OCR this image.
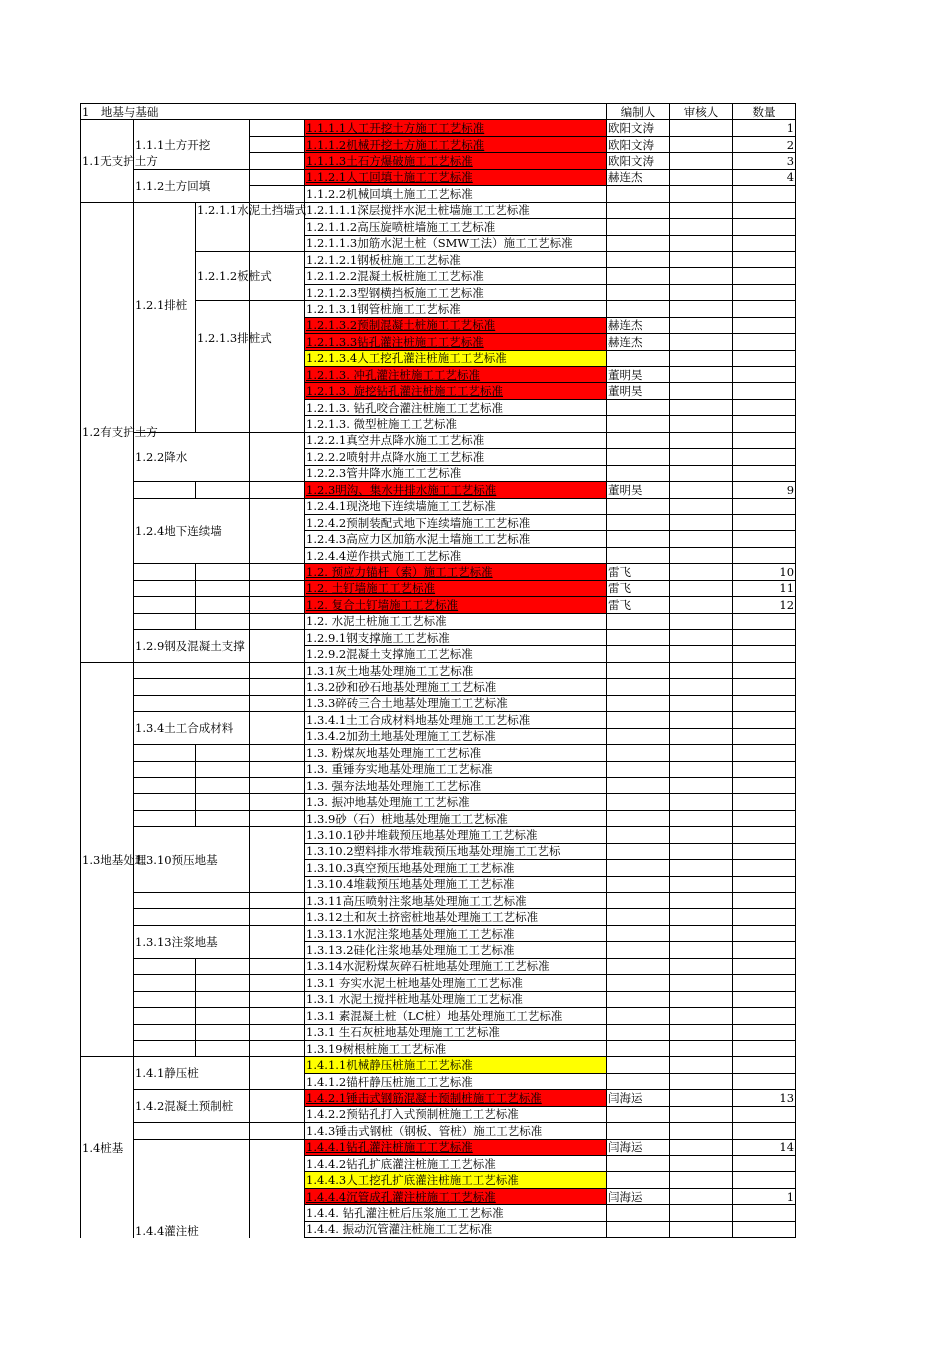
1　地基与基础					编制人	审核人	数量
1.1无支护土方	1.1.1土方开挖			1.1.1.1人工开挖土方施工工艺标准	欧阳文涛		1
				1.1.1.2机械开挖土方施工工艺标准	欧阳文涛		2
				1.1.1.3土石方爆破施工工艺标准	欧阳文涛		3
	1.1.2土方回填			1.1.2.1人工回填土施工工艺标准	赫连杰		4
				1.1.2.2机械回填土施工工艺标准			
1.2有支护土方	1.2.1排桩	1.2.1.1水泥土挡墙式		1.2.1.1.1深层搅拌水泥土桩墙施工工艺标准			
				1.2.1.1.2高压旋喷桩墙施工工艺标准			
				1.2.1.1.3加筋水泥土桩（SMW工法）施工工艺标准			
		1.2.1.2板桩式		1.2.1.2.1钢板桩施工工艺标准			
				1.2.1.2.2混凝土板桩施工工艺标准			
				1.2.1.2.3型钢横挡板施工工艺标准			
		1.2.1.3排桩式		1.2.1.3.1钢管桩施工工艺标准			
				1.2.1.3.2预制混凝土桩施工工艺标准	赫连杰		
				1.2.1.3.3钻孔灌注桩施工工艺标准	赫连杰		
				1.2.1.3.4人工挖孔灌注桩施工工艺标准			
				1.2.1.3. 冲孔灌注桩施工工艺标准	董明昊		
				1.2.1.3. 旋挖钻孔灌注桩施工工艺标准	董明昊		
				1.2.1.3. 钻孔咬合灌注桩施工工艺标准			
				1.2.1.3. 微型桩施工工艺标准			
	1.2.2降水			1.2.2.1真空井点降水施工工艺标准			
				1.2.2.2喷射井点降水施工工艺标准			
				1.2.2.3管井降水施工工艺标准			
				1.2.3明沟、集水井排水施工工艺标准	董明昊		9
	1.2.4地下连续墙			1.2.4.1现浇地下连续墙施工工艺标准			
				1.2.4.2预制装配式地下连续墙施工工艺标准			
				1.2.4.3高应力区加筋水泥土墙施工工艺标准			
				1.2.4.4逆作拱式施工工艺标准			
				1.2. 预应力锚杆（索）施工工艺标准	雷飞		10
				1.2. 土钉墙施工工艺标准	雷飞		11
				1.2. 复合土钉墙施工工艺标准	雷飞		12
				1.2. 水泥土桩施工工艺标准			
	1.2.9钢及混凝土支撑			1.2.9.1钢支撑施工工艺标准			
				1.2.9.2混凝土支撑施工工艺标准			
1.3地基处理				1.3.1灰土地基处理施工工艺标准			
				1.3.2砂和砂石地基处理施工工艺标准			
				1.3.3碎砖三合土地基处理施工工艺标准			
	1.3.4土工合成材料			1.3.4.1土工合成材料地基处理施工工艺标准			
				1.3.4.2加劲土地基处理施工工艺标准			
				1.3. 粉煤灰地基处理施工工艺标准			
				1.3. 重锤夯实地基处理施工工艺标准			
				1.3. 强夯法地基处理施工工艺标准			
				1.3. 振冲地基处理施工工艺标准			
				1.3.9砂（石）桩地基处理施工工艺标准			
	1.3.10预压地基			1.3.10.1砂井堆载预压地基处理施工工艺标准			
				1.3.10.2塑料排水带堆载预压地基处理施工工艺标			
				1.3.10.3真空预压地基处理施工工艺标准			
				1.3.10.4堆载预压地基处理施工工艺标准			
				1.3.11高压喷射注浆地基处理施工工艺标准			
				1.3.12土和灰土挤密桩地基处理施工工艺标准			
	1.3.13注浆地基			1.3.13.1水泥注浆地基处理施工工艺标准			
				1.3.13.2硅化注浆地基处理施工工艺标准			
				1.3.14水泥粉煤灰碎石桩地基处理施工工艺标准			
				1.3.1 夯实水泥土桩地基处理施工工艺标准			
				1.3.1 水泥土搅拌桩地基处理施工工艺标准			
				1.3.1 素混凝土桩（LC桩）地基处理施工工艺标准			
				1.3.1 生石灰桩地基处理施工工艺标准			
				1.3.19树根桩施工工艺标准			
1.4桩基	1.4.1静压桩			1.4.1.1机械静压桩施工工艺标准			
				1.4.1.2锚杆静压桩施工工艺标准			
	1.4.2混凝土预制桩			1.4.2.1锤击式钢筋混凝土预制桩施工工艺标准	闫海运		13
				1.4.2.2预钻孔打入式预制桩施工工艺标准			
				1.4.3锤击式钢桩（钢板、管桩）施工工艺标准			
	1.4.4灌注桩			1.4.4.1钻孔灌注桩施工工艺标准	闫海运		14
				1.4.4.2钻孔扩底灌注桩施工工艺标准			
				1.4.4.3人工挖孔扩底灌注桩施工工艺标准			
				1.4.4.4沉管成孔灌注桩施工工艺标准	闫海运		1
				1.4.4. 钻孔灌注桩后压浆施工工艺标准			
				1.4.4. 振动沉管灌注桩施工工艺标准			
